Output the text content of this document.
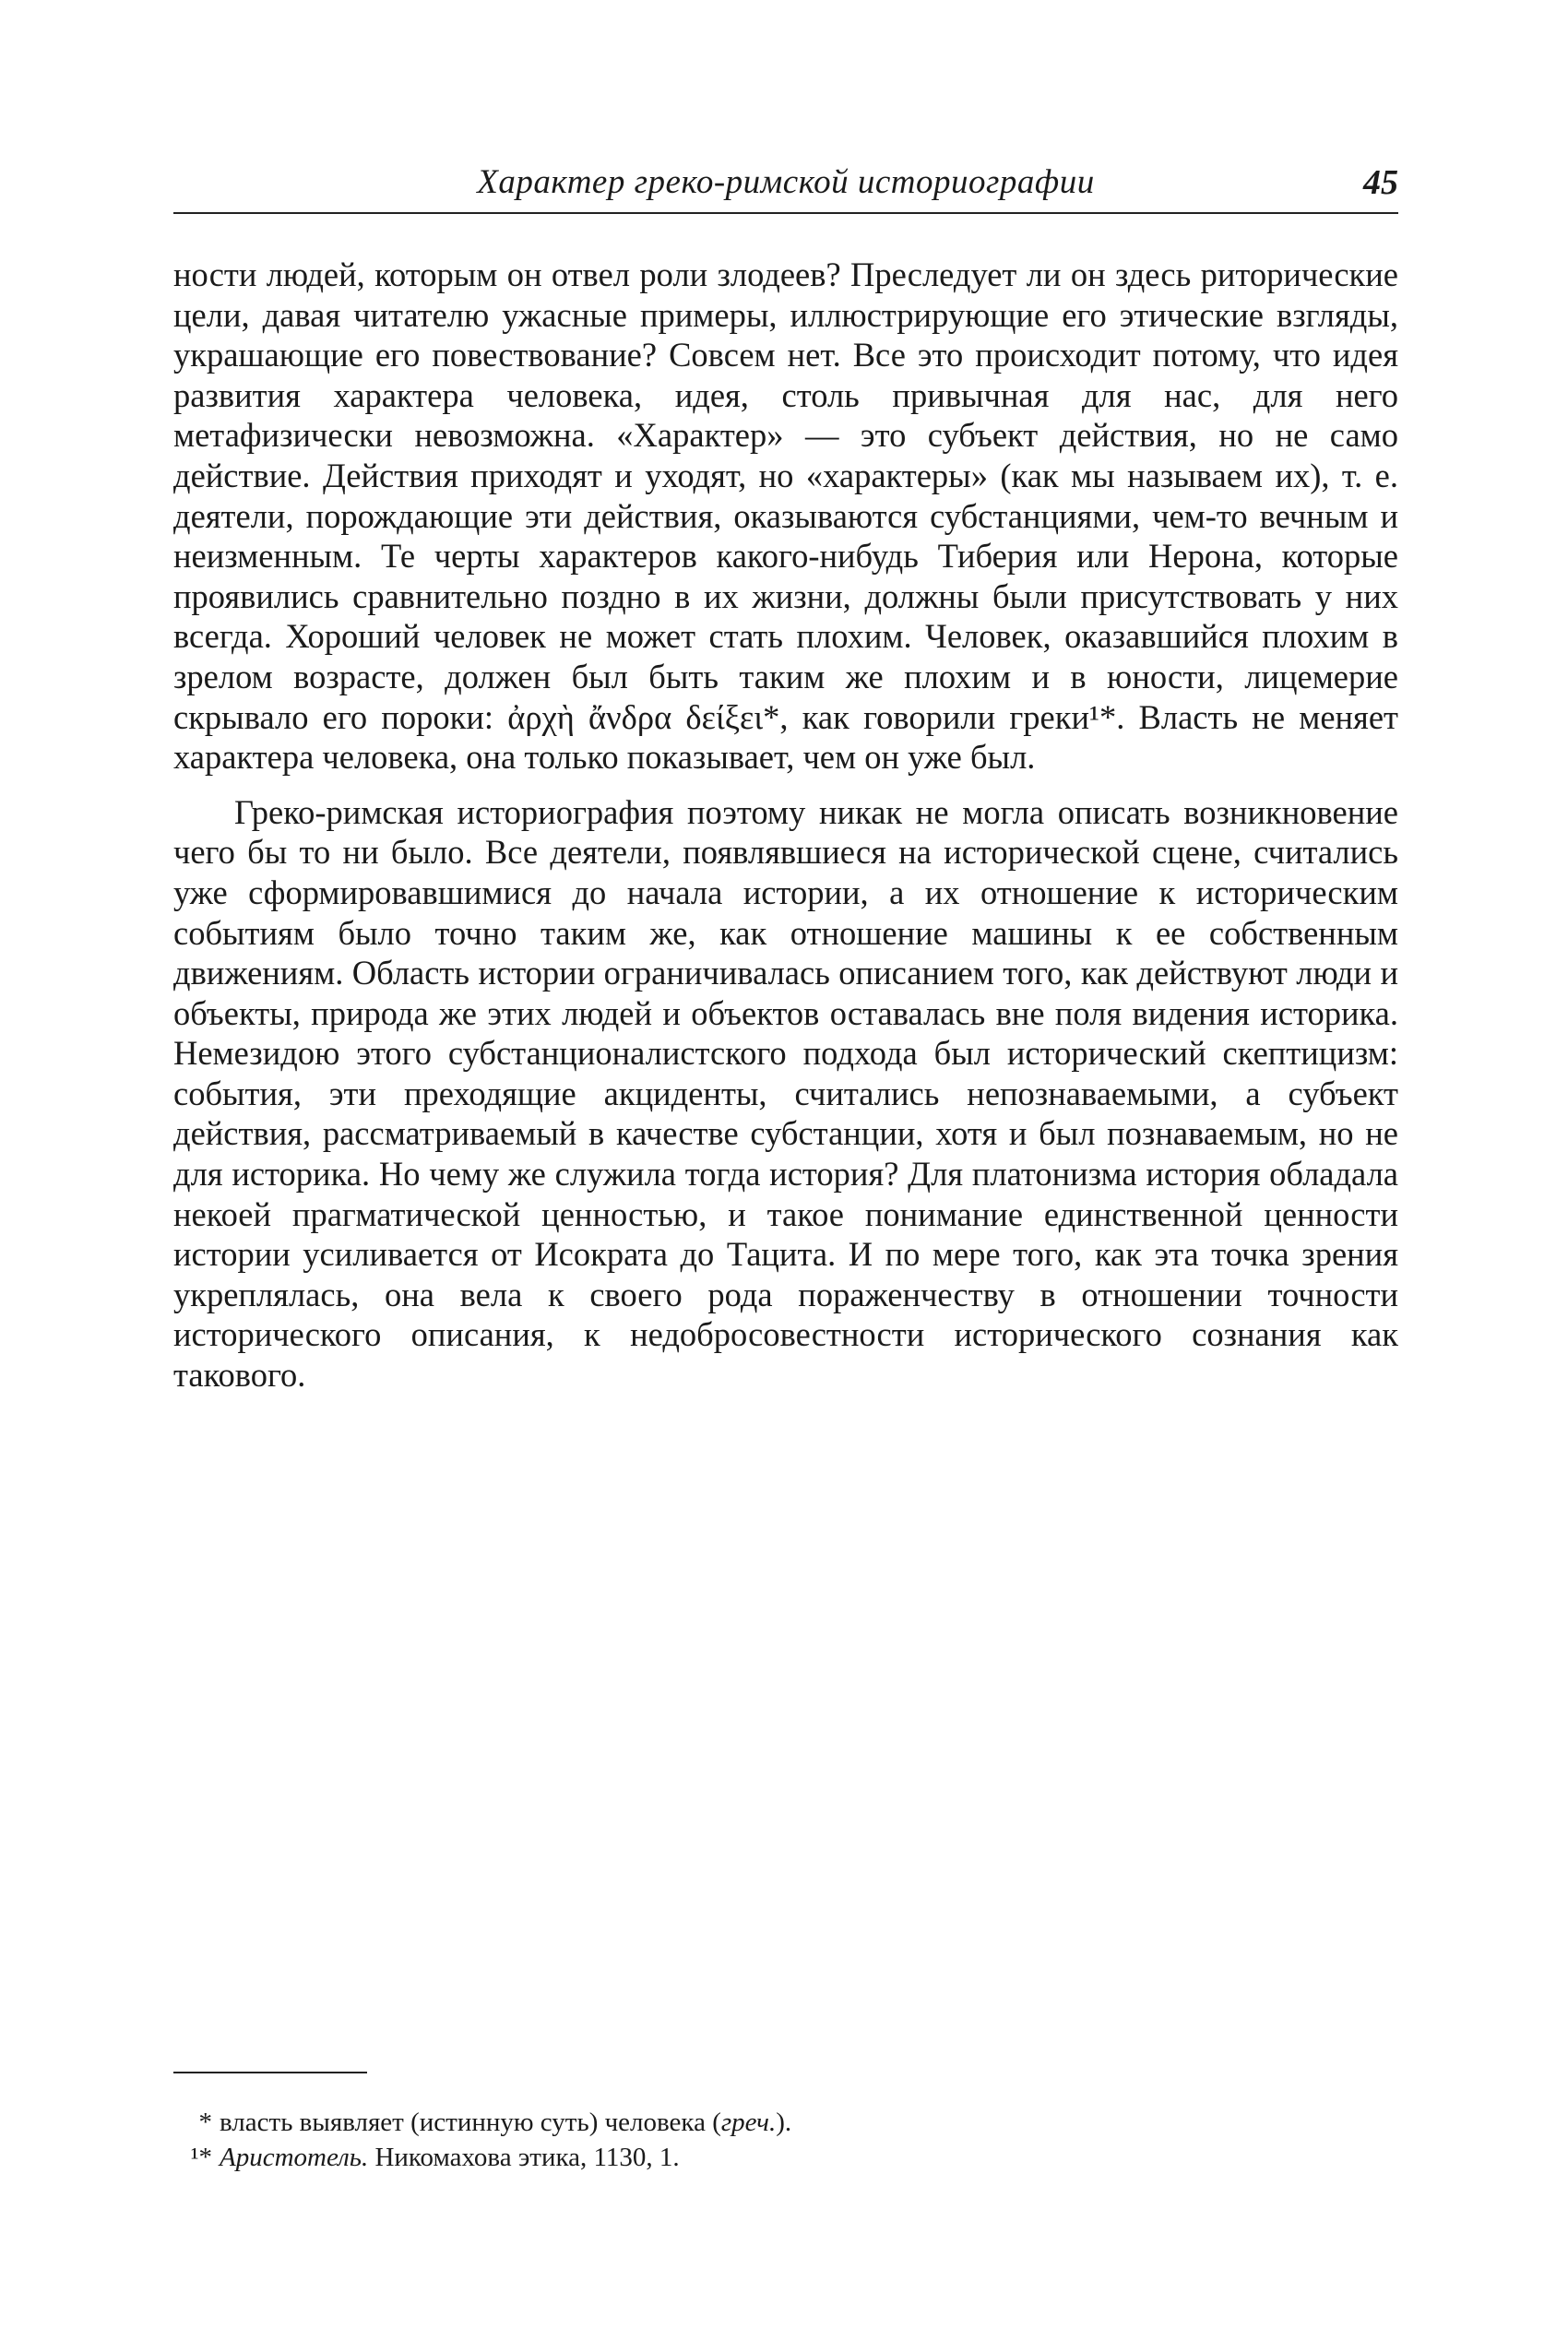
Характер греко-римской историографии	45

ности людей, которым он отвел роли злодеев? Преследует ли он здесь риторические цели, давая читателю ужасные примеры, иллюстрирующие его этические взгляды, украшающие его повествование? Совсем нет. Все это происходит потому, что идея развития характера человека, идея, столь привычная для нас, для него метафизически невозможна. «Характер» — это субъект действия, но не само действие. Действия приходят и уходят, но «характеры» (как мы называем их), т. е. деятели, порождающие эти действия, оказываются субстанциями, чем-то вечным и неизменным. Те черты характеров какого-нибудь Тиберия или Нерона, которые проявились сравнительно поздно в их жизни, должны были присутствовать у них всегда. Хороший человек не может стать плохим. Человек, оказавшийся плохим в зрелом возрасте, должен был быть таким же плохим и в юности, лицемерие скрывало его пороки: ἀρχὴ ἄνδρα δείξει*, как говорили греки¹*. Власть не меняет характера человека, она только показывает, чем он уже был.

Греко-римская историография поэтому никак не могла описать возникновение чего бы то ни было. Все деятели, появлявшиеся на исторической сцене, считались уже сформировавшимися до начала истории, а их отношение к историческим событиям было точно таким же, как отношение машины к ее собственным движениям. Область истории ограничивалась описанием того, как действуют люди и объекты, природа же этих людей и объектов оставалась вне поля видения историка. Немезидою этого субстанционалистского подхода был исторический скептицизм: события, эти преходящие акциденты, считались непознаваемыми, а субъект действия, рассматриваемый в качестве субстанции, хотя и был познаваемым, но не для историка. Но чему же служила тогда история? Для платонизма история обладала некоей прагматической ценностью, и такое понимание единственной ценности истории усиливается от Исократа до Тацита. И по мере того, как эта точка зрения укреплялась, она вела к своего рода пораженчеству в отношении точности исторического описания, к недобросовестности исторического сознания как такового.

* власть выявляет (истинную суть) человека (греч.).

¹* Аристотель. Никомахова этика, 1130, 1.
